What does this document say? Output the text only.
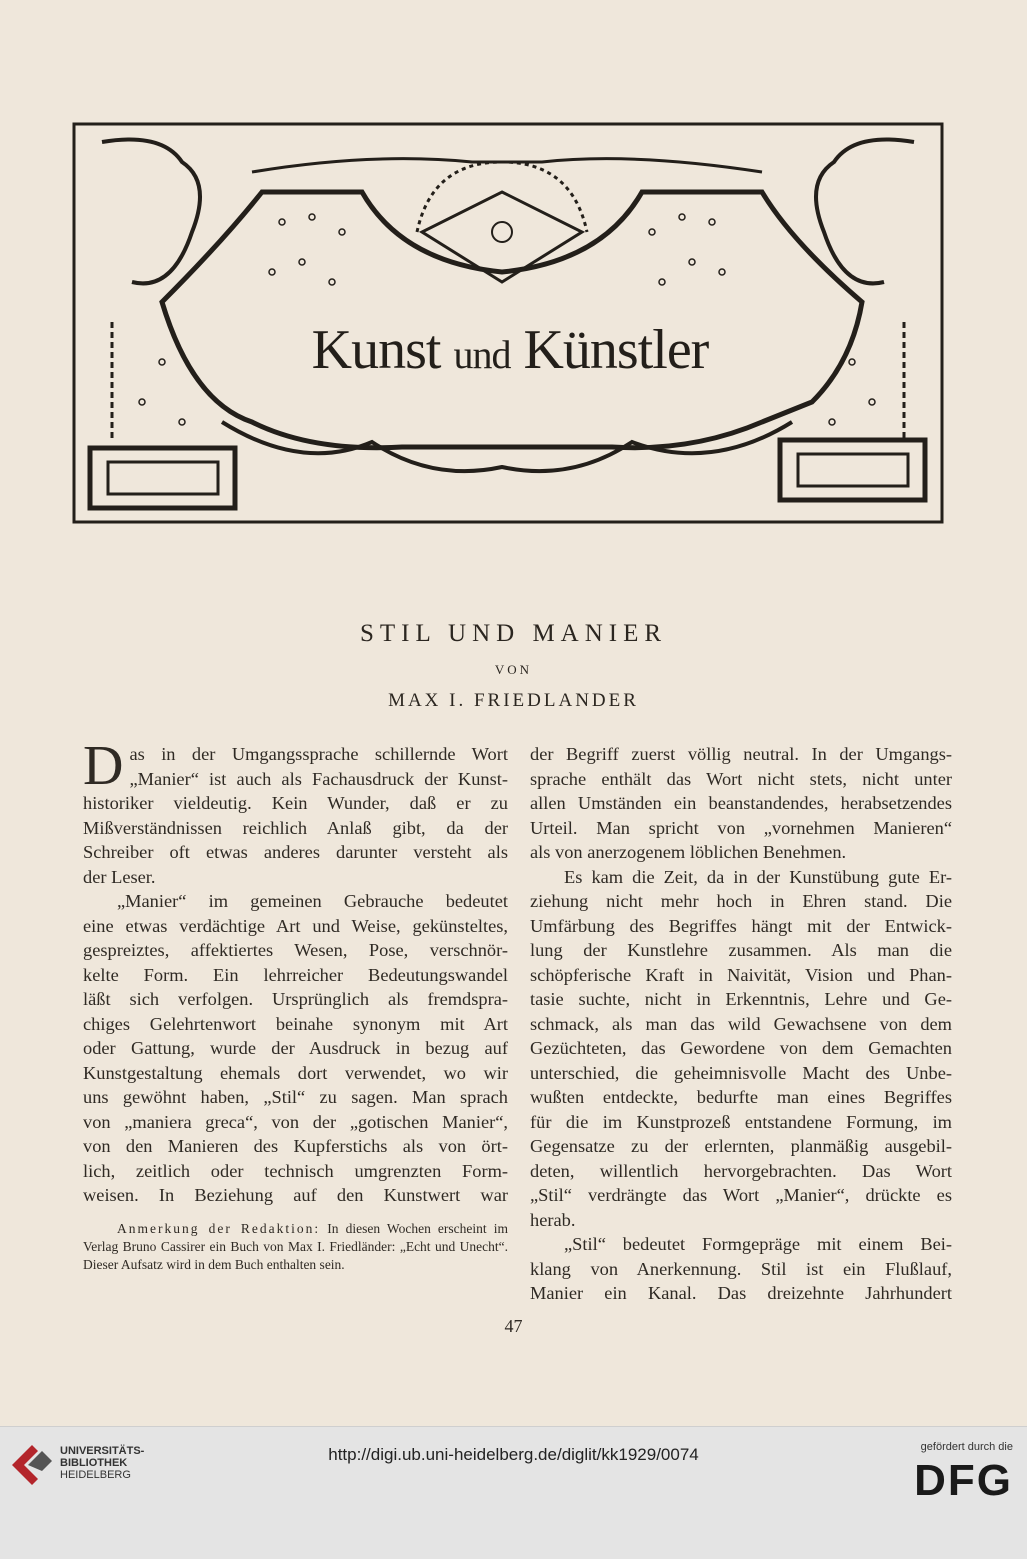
Kunst und Künstler
STIL UND MANIER
VON
MAX I. FRIEDLANDER

D as in der Umgangssprache schillernde Wort
„Manier“ ist auch als Fachausdruck der Kunst-
historiker vieldeutig. Kein Wunder, daß er zu
Mißverständnissen reichlich Anlaß gibt, da der
Schreiber oft etwas anderes darunter versteht als
der Leser.

„Manier“ im gemeinen Gebrauche bedeutet
eine etwas verdächtige Art und Weise, gekünsteltes,
gespreiztes, affektiertes Wesen, Pose, verschnör-
kelte Form. Ein lehrreicher Bedeutungswandel
läßt sich verfolgen. Ursprünglich als fremdspra-
chiges Gelehrtenwort beinahe synonym mit Art
oder Gattung, wurde der Ausdruck in bezug auf
Kunstgestaltung ehemals dort verwendet, wo wir
uns gewöhnt haben, „Stil“ zu sagen. Man sprach
von „maniera greca“, von der „gotischen Manier“,
von den Manieren des Kupferstichs als von ört-
lich, zeitlich oder technisch umgrenzten Form-
weisen. In Beziehung auf den Kunstwert war

Anmerkung der Redaktion: In diesen Wochen erscheint im Verlag Bruno Cassirer ein Buch von Max I. Friedländer: „Echt und Unecht“. Dieser Aufsatz wird in dem Buch enthalten sein.

der Begriff zuerst völlig neutral. In der Umgangs-
sprache enthält das Wort nicht stets, nicht unter
allen Umständen ein beanstandendes, herabsetzendes
Urteil. Man spricht von „vornehmen Manieren“
als von anerzogenem löblichen Benehmen.

Es kam die Zeit, da in der Kunstübung gute Er-
ziehung nicht mehr hoch in Ehren stand. Die
Umfärbung des Begriffes hängt mit der Entwick-
lung der Kunstlehre zusammen. Als man die
schöpferische Kraft in Naivität, Vision und Phan-
tasie suchte, nicht in Erkenntnis, Lehre und Ge-
schmack, als man das wild Gewachsene von dem
Gezüchteten, das Gewordene von dem Gemachten
unterschied, die geheimnisvolle Macht des Unbe-
wußten entdeckte, bedurfte man eines Begriffes
für die im Kunstprozeß entstandene Formung, im
Gegensatze zu der erlernten, planmäßig ausgebil-
deten, willentlich hervorgebrachten. Das Wort
„Stil“ verdrängte das Wort „Manier“, drückte es
herab.

„Stil“ bedeutet Formgepräge mit einem Bei-
klang von Anerkennung. Stil ist ein Flußlauf,
Manier ein Kanal. Das dreizehnte Jahrhundert

47
UNIVERSITÄTS-
BIBLIOTHEK
HEIDELBERG
http://digi.ub.uni-heidelberg.de/diglit/kk1929/0074	gefördert durch die
DFG
